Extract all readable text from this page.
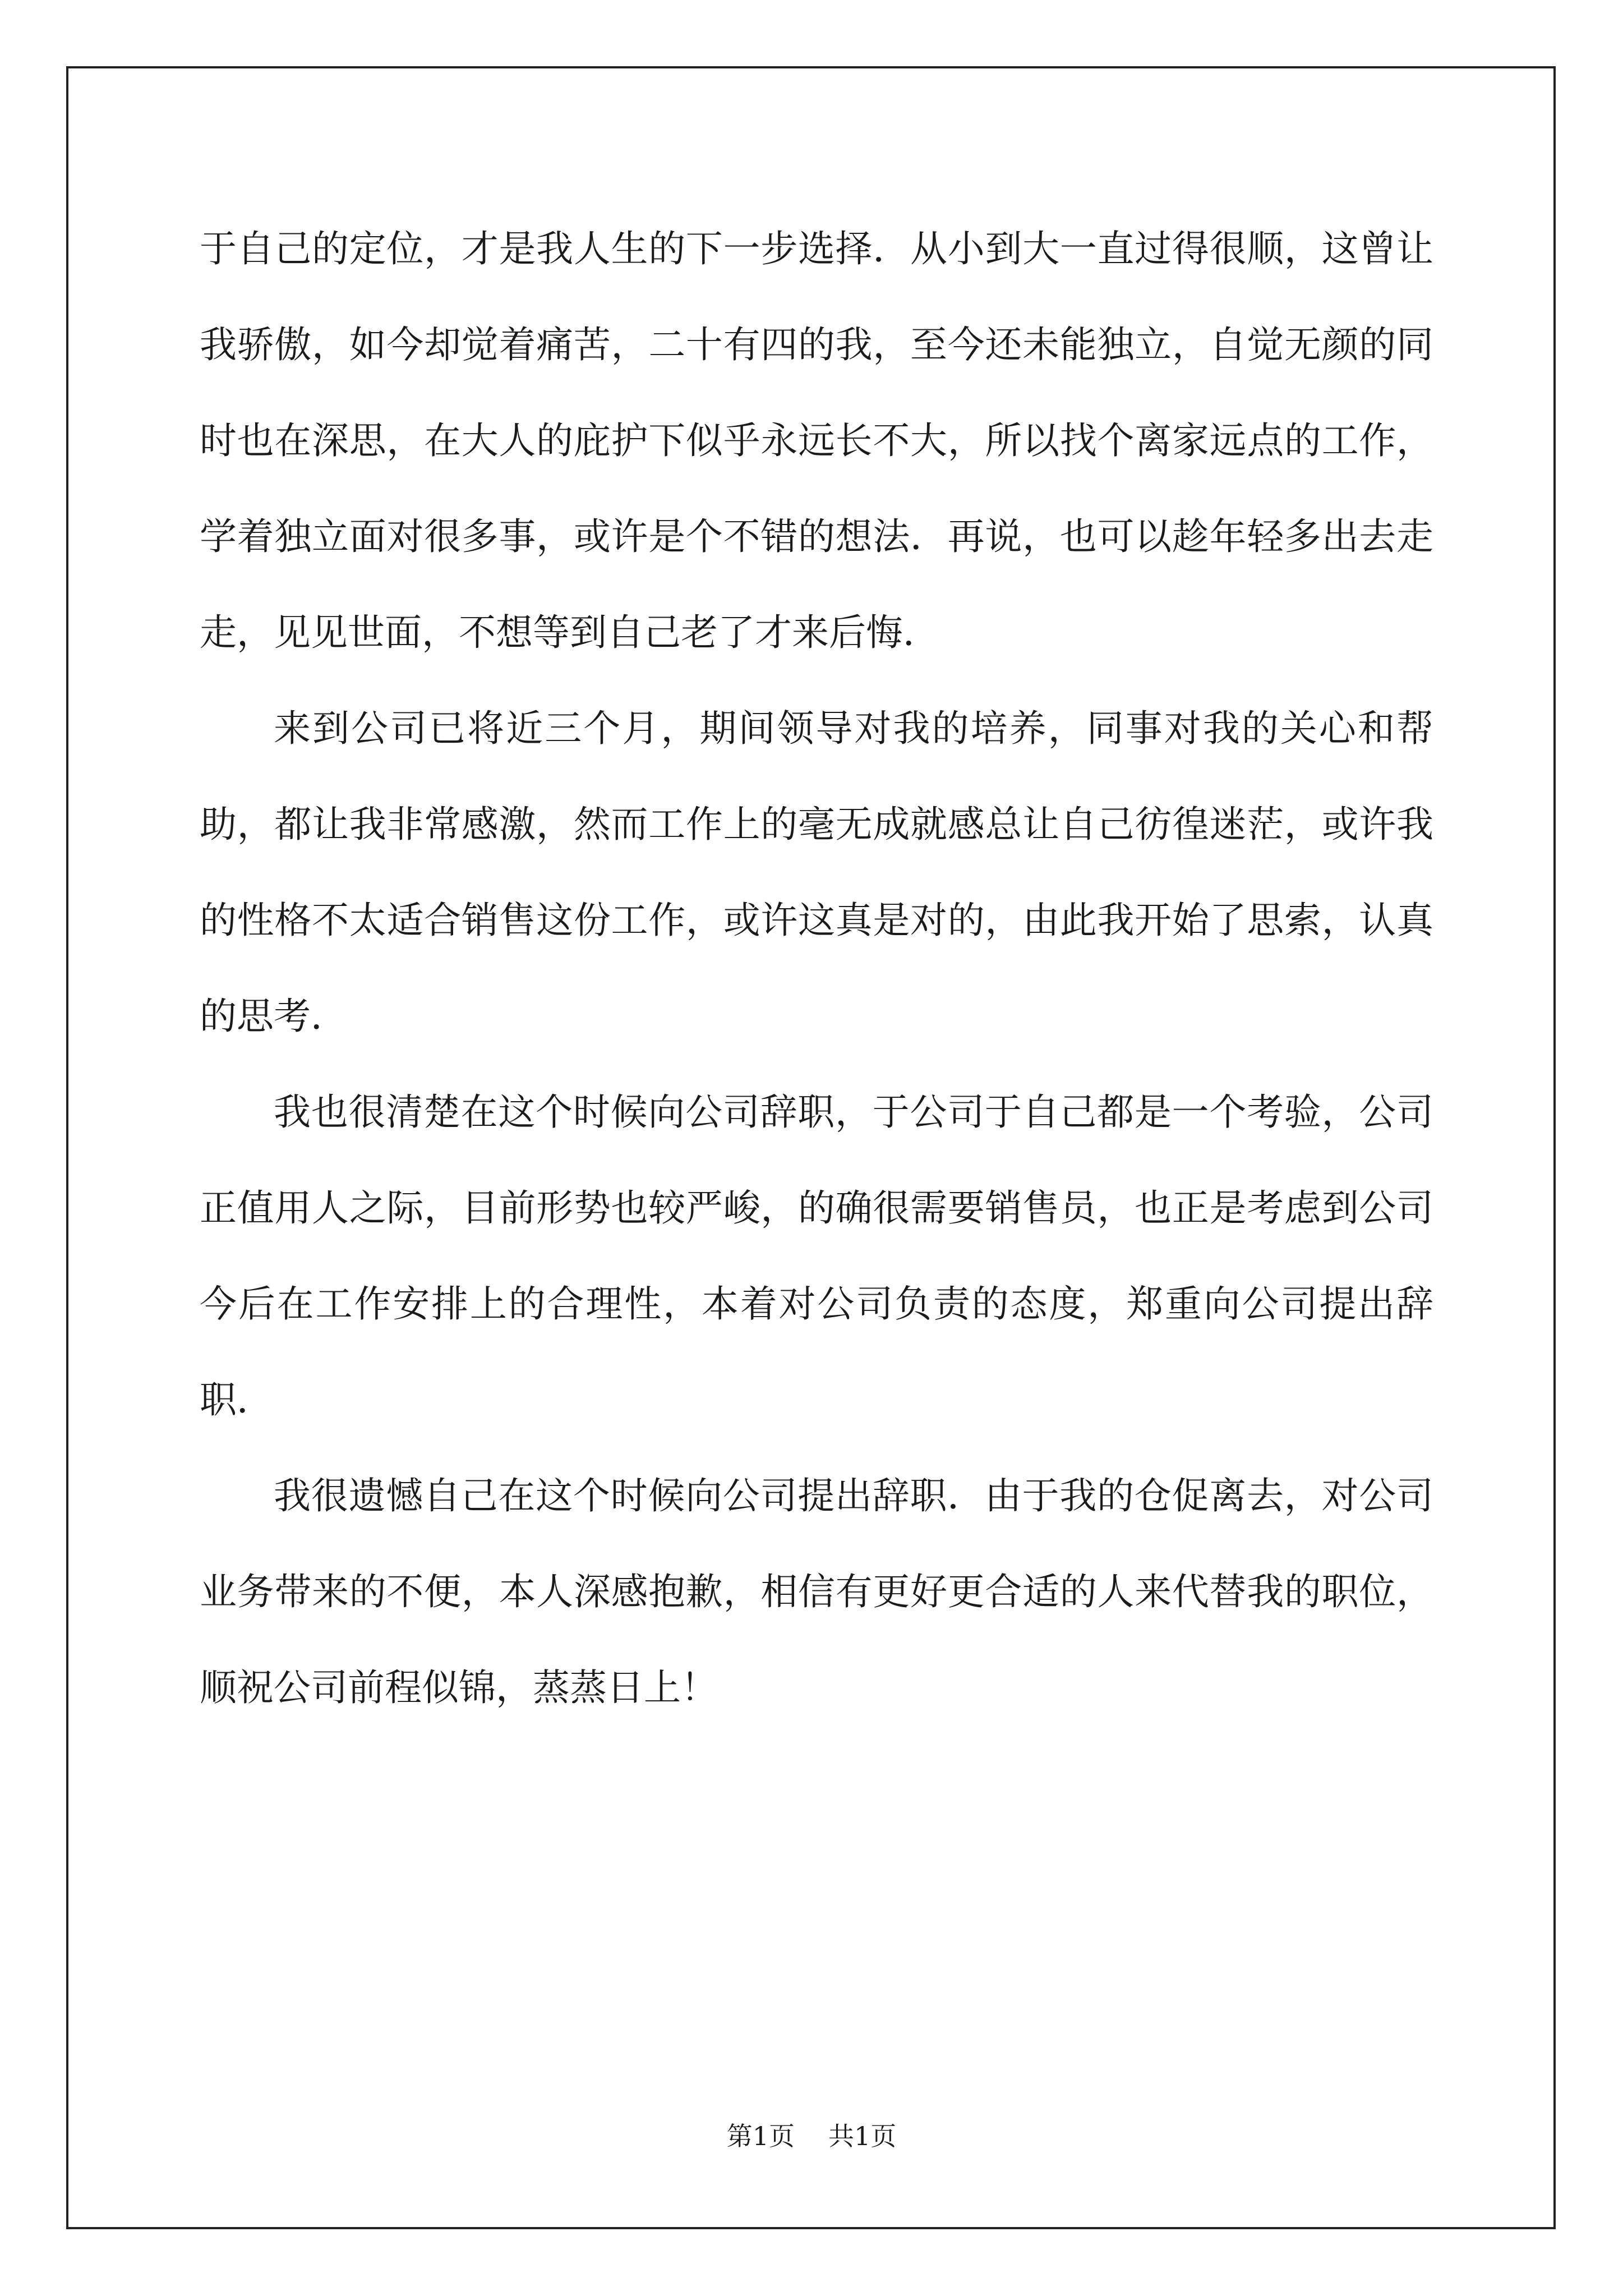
于自己的定位，才是我人生的下一步选择．从小到大一直过得很顺，这曾让我骄傲，如今却觉着痛苦，二十有四的我，至今还未能独立，自觉无颜的同时也在深思，在大人的庇护下似乎永远长不大，所以找个离家远点的工作，学着独立面对很多事，或许是个不错的想法．再说，也可以趁年轻多出去走走，见见世面，不想等到自己老了才来后悔．

来到公司已将近三个月，期间领导对我的培养，同事对我的关心和帮助，都让我非常感激，然而工作上的毫无成就感总让自己彷徨迷茫，或许我的性格不太适合销售这份工作，或许这真是对的，由此我开始了思索，认真的思考．

我也很清楚在这个时候向公司辞职，于公司于自己都是一个考验，公司正值用人之际，目前形势也较严峻，的确很需要销售员，也正是考虑到公司今后在工作安排上的合理性，本着对公司负责的态度，郑重向公司提出辞职．

我很遗憾自己在这个时候向公司提出辞职．由于我的仓促离去，对公司业务带来的不便，本人深感抱歉，相信有更好更合适的人来代替我的职位，顺祝公司前程似锦，蒸蒸日上！

第1页 共1页
